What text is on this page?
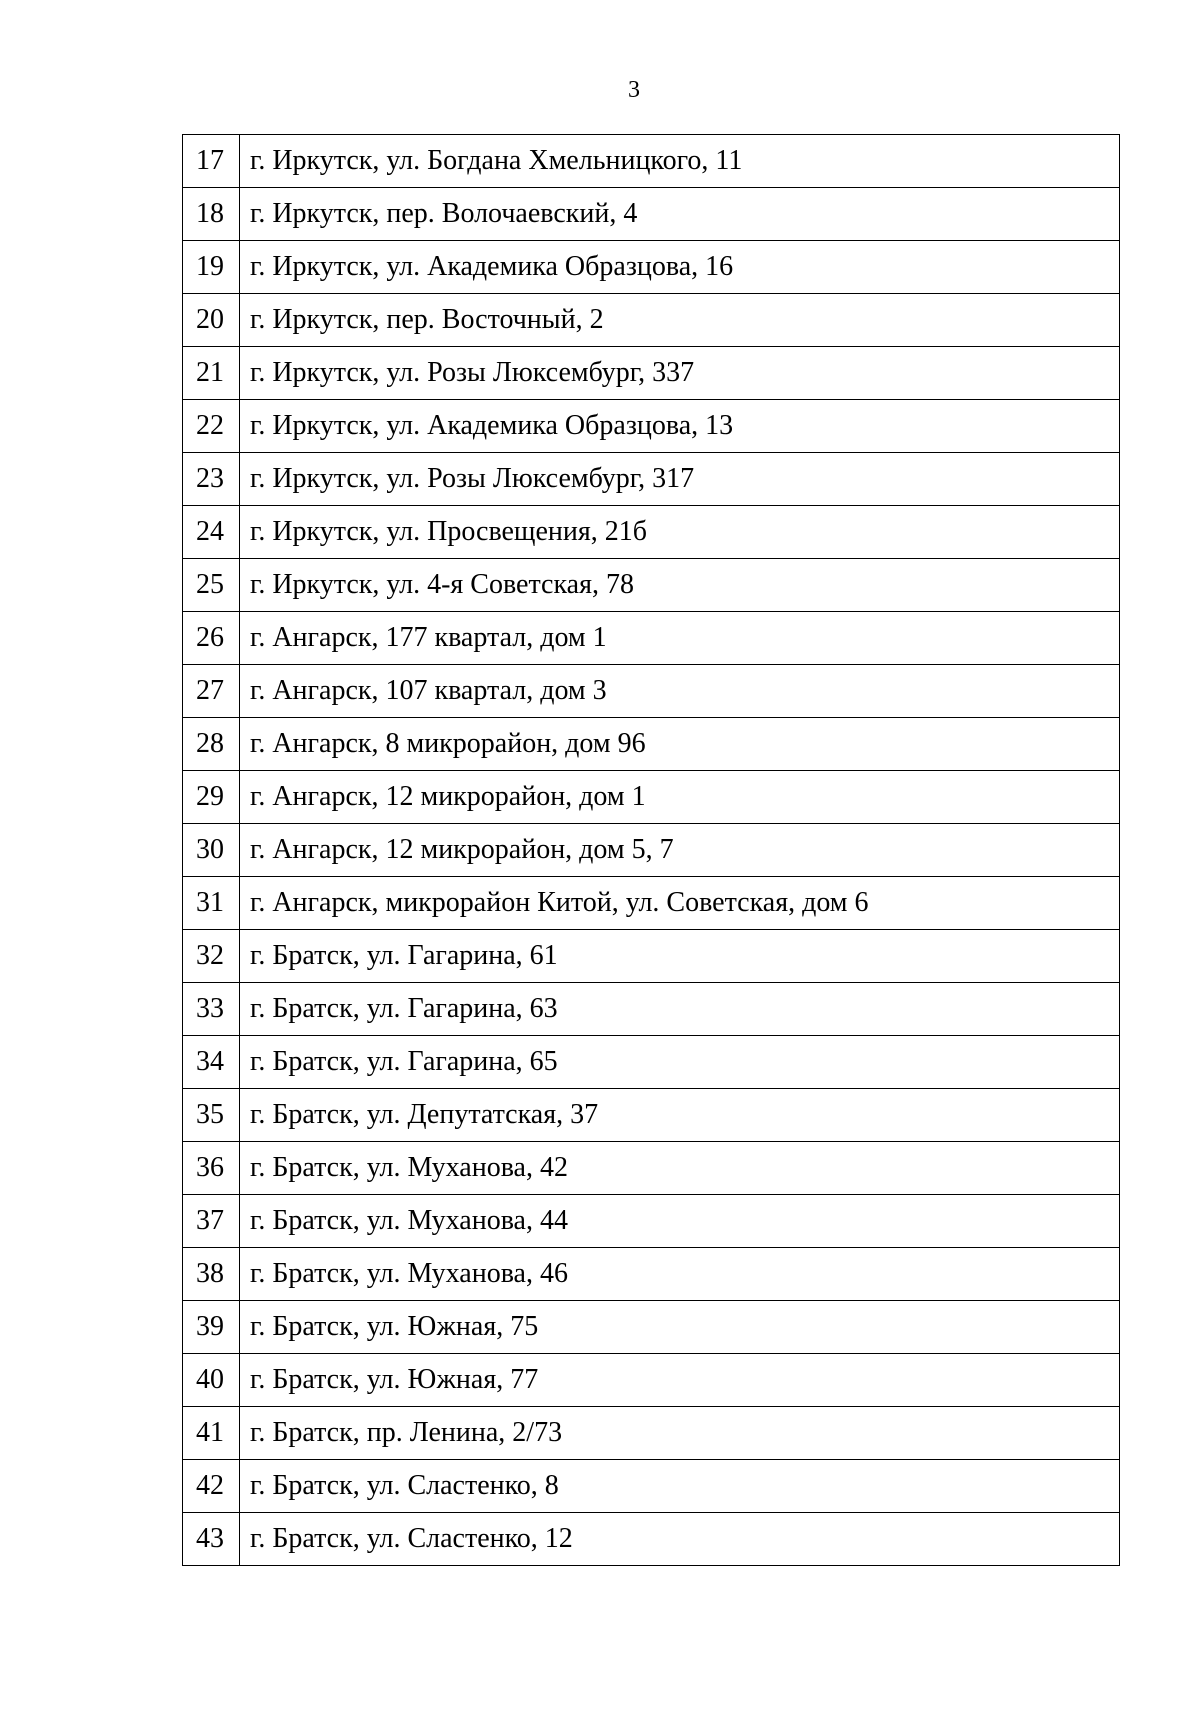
3
17	г. Иркутск, ул. Богдана Хмельницкого, 11
18	г. Иркутск, пер. Волочаевский, 4
19	г. Иркутск, ул. Академика Образцова, 16
20	г. Иркутск, пер. Восточный, 2
21	г. Иркутск, ул. Розы Люксембург, 337
22	г. Иркутск, ул. Академика Образцова, 13
23	г. Иркутск, ул. Розы Люксембург, 317
24	г. Иркутск, ул. Просвещения, 21б
25	г. Иркутск, ул. 4-я Советская, 78
26	г. Ангарск, 177 квартал, дом 1
27	г. Ангарск, 107 квартал, дом 3
28	г. Ангарск, 8 микрорайон, дом 96
29	г. Ангарск, 12 микрорайон, дом 1
30	г. Ангарск, 12 микрорайон, дом 5, 7
31	г. Ангарск, микрорайон Китой, ул. Советская, дом 6
32	г. Братск, ул. Гагарина, 61
33	г. Братск, ул. Гагарина, 63
34	г. Братск, ул. Гагарина, 65
35	г. Братск, ул. Депутатская, 37
36	г. Братск, ул. Муханова, 42
37	г. Братск, ул. Муханова, 44
38	г. Братск, ул. Муханова, 46
39	г. Братск, ул. Южная, 75
40	г. Братск, ул. Южная, 77
41	г. Братск, пр. Ленина, 2/73
42	г. Братск, ул. Сластенко, 8
43	г. Братск, ул. Сластенко, 12
